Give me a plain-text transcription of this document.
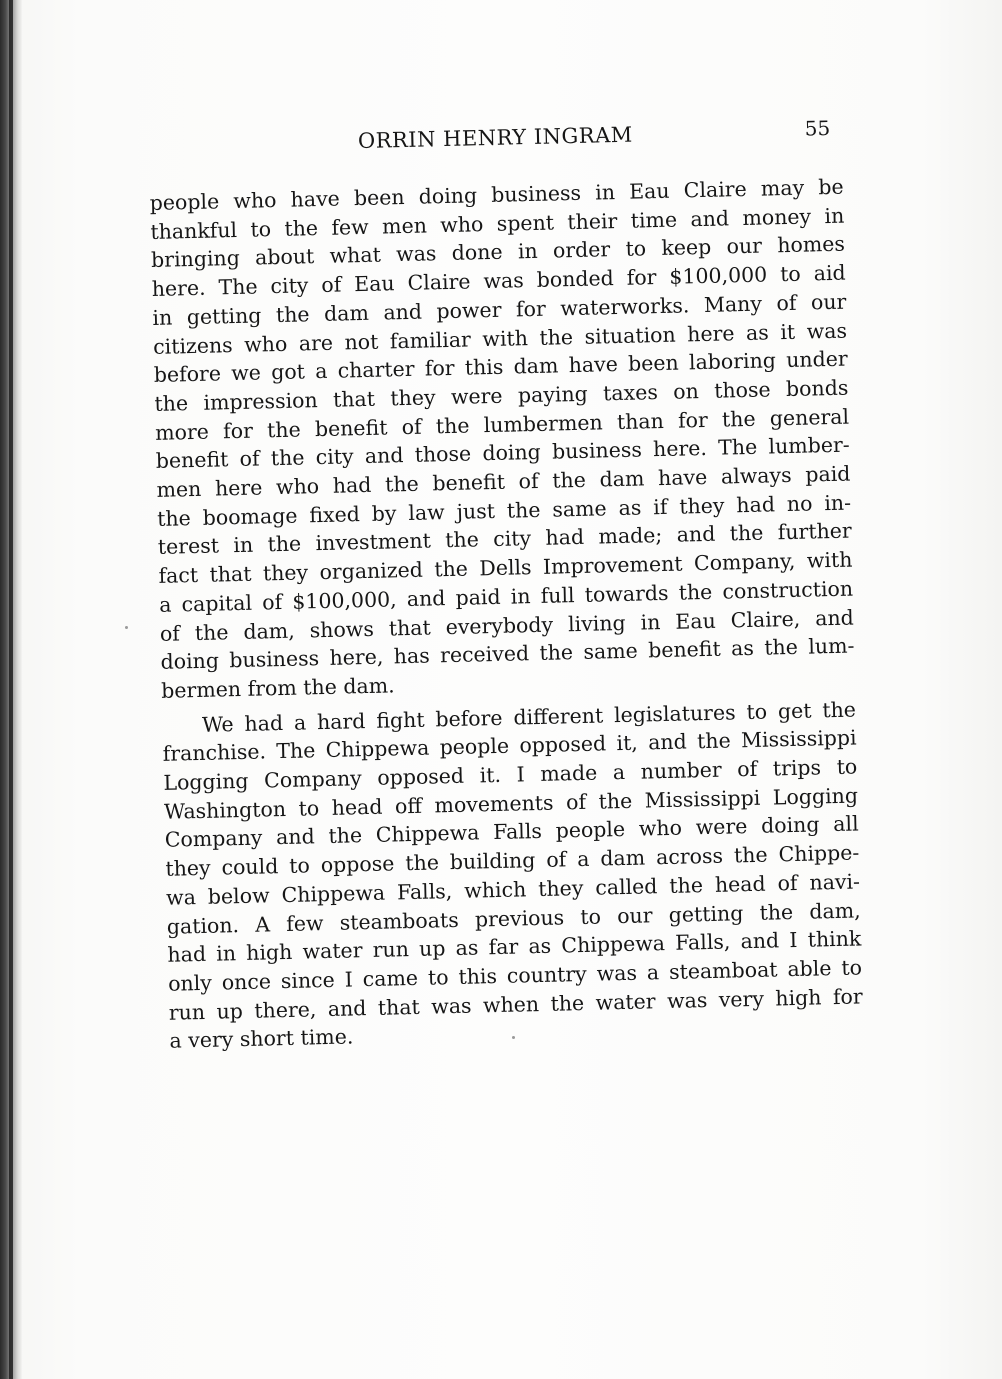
ORRIN HENRY INGRAM	55
people who have been doing business in Eau Claire may be
thankful to the few men who spent their time and money in
bringing about what was done in order to keep our homes
here. The city of Eau Claire was bonded for $100,000 to aid
in getting the dam and power for waterworks. Many of our
citizens who are not familiar with the situation here as it was
before we got a charter for this dam have been laboring under
the impression that they were paying taxes on those bonds
more for the benefit of the lumbermen than for the general
benefit of the city and those doing business here. The lumber-
men here who had the benefit of the dam have always paid
the boomage fixed by law just the same as if they had no in-
terest in the investment the city had made; and the further
fact that they organized the Dells Improvement Company, with
a capital of $100,000, and paid in full towards the construction
of the dam, shows that everybody living in Eau Claire, and
doing business here, has received the same benefit as the lum-
bermen from the dam.
We had a hard fight before different legislatures to get the
franchise. The Chippewa people opposed it, and the Mississippi
Logging Company opposed it. I made a number of trips to
Washington to head off movements of the Mississippi Logging
Company and the Chippewa Falls people who were doing all
they could to oppose the building of a dam across the Chippe-
wa below Chippewa Falls, which they called the head of navi-
gation. A few steamboats previous to our getting the dam,
had in high water run up as far as Chippewa Falls, and I think
only once since I came to this country was a steamboat able to
run up there, and that was when the water was very high for
a very short time.
